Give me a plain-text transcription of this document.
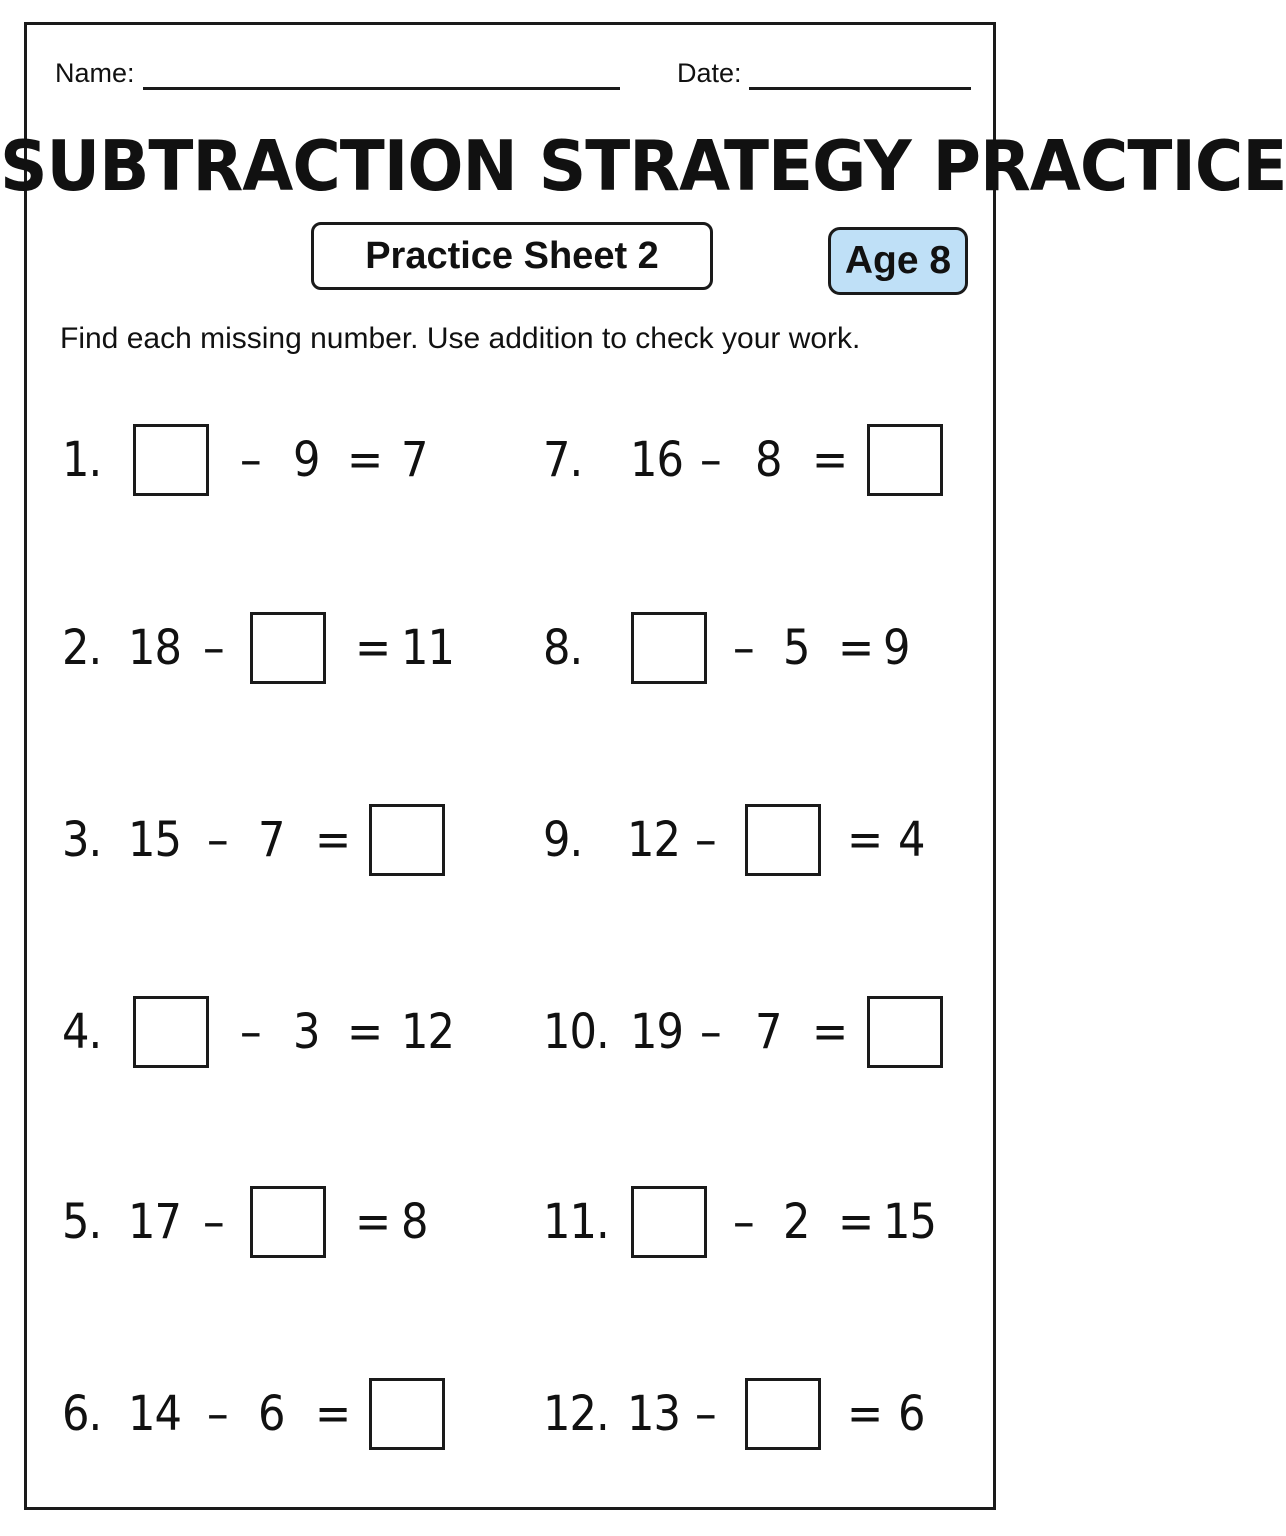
Name:	Date:
SUBTRACTION STRATEGY PRACTICE
Practice Sheet 2	Age 8
Find each missing number. Use addition to check your work.
1.	– 9 = 7
2. 18 –	= 11
3. 15 – 7 =
4.	– 3 = 12
5. 17 –	= 8
6. 14 – 6 =
7. 16 – 8 =
8.	– 5 = 9
9. 12 –	= 4
10. 19 – 7 =
11.	– 2 = 15
12. 13 –	= 6
